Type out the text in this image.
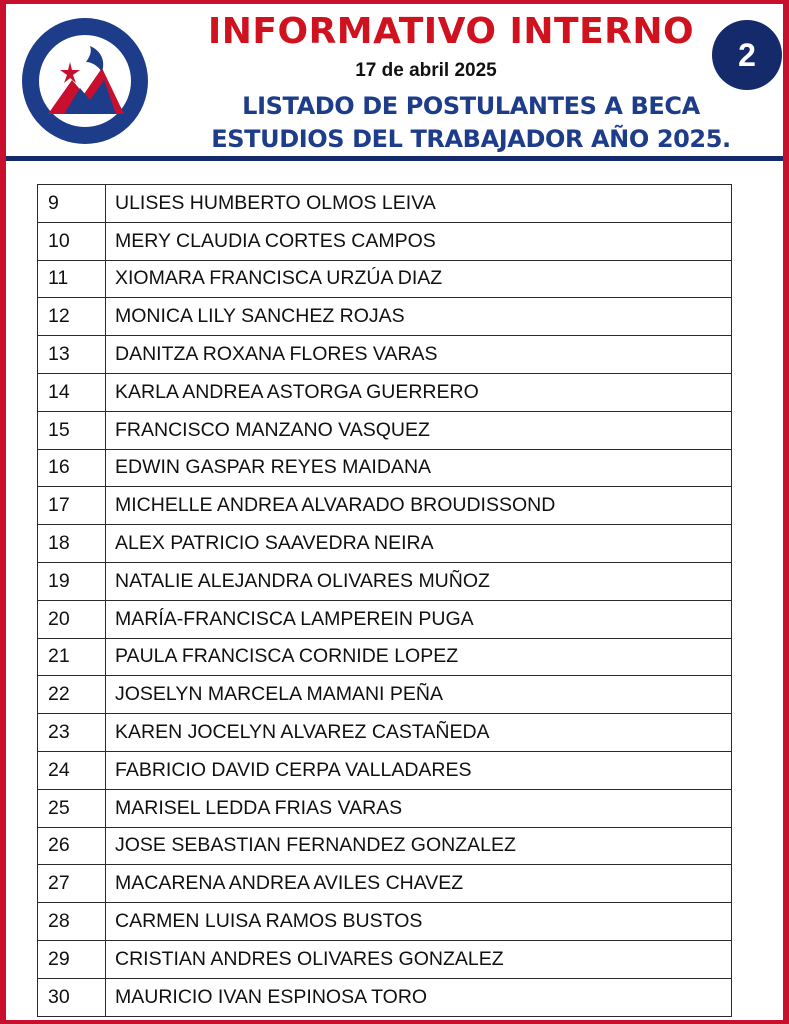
INFORMATIVO INTERNO
17 de abril 2025
LISTADO DE POSTULANTES A BECA
ESTUDIOS DEL TRABAJADOR AÑO 2025.
2
9	ULISES HUMBERTO OLMOS LEIVA
10	MERY CLAUDIA CORTES CAMPOS
11	XIOMARA FRANCISCA URZÚA DIAZ
12	MONICA LILY SANCHEZ ROJAS
13	DANITZA ROXANA FLORES VARAS
14	KARLA ANDREA ASTORGA GUERRERO
15	FRANCISCO MANZANO VASQUEZ
16	EDWIN GASPAR REYES MAIDANA
17	MICHELLE ANDREA ALVARADO BROUDISSOND
18	ALEX PATRICIO SAAVEDRA NEIRA
19	NATALIE ALEJANDRA OLIVARES MUÑOZ
20	MARÍA-FRANCISCA LAMPEREIN PUGA
21	PAULA FRANCISCA CORNIDE LOPEZ
22	JOSELYN MARCELA MAMANI PEÑA
23	KAREN JOCELYN ALVAREZ CASTAÑEDA
24	FABRICIO DAVID CERPA VALLADARES
25	MARISEL LEDDA FRIAS VARAS
26	JOSE SEBASTIAN FERNANDEZ GONZALEZ
27	MACARENA ANDREA AVILES CHAVEZ
28	CARMEN LUISA RAMOS BUSTOS
29	CRISTIAN ANDRES OLIVARES GONZALEZ
30	MAURICIO IVAN ESPINOSA TORO
